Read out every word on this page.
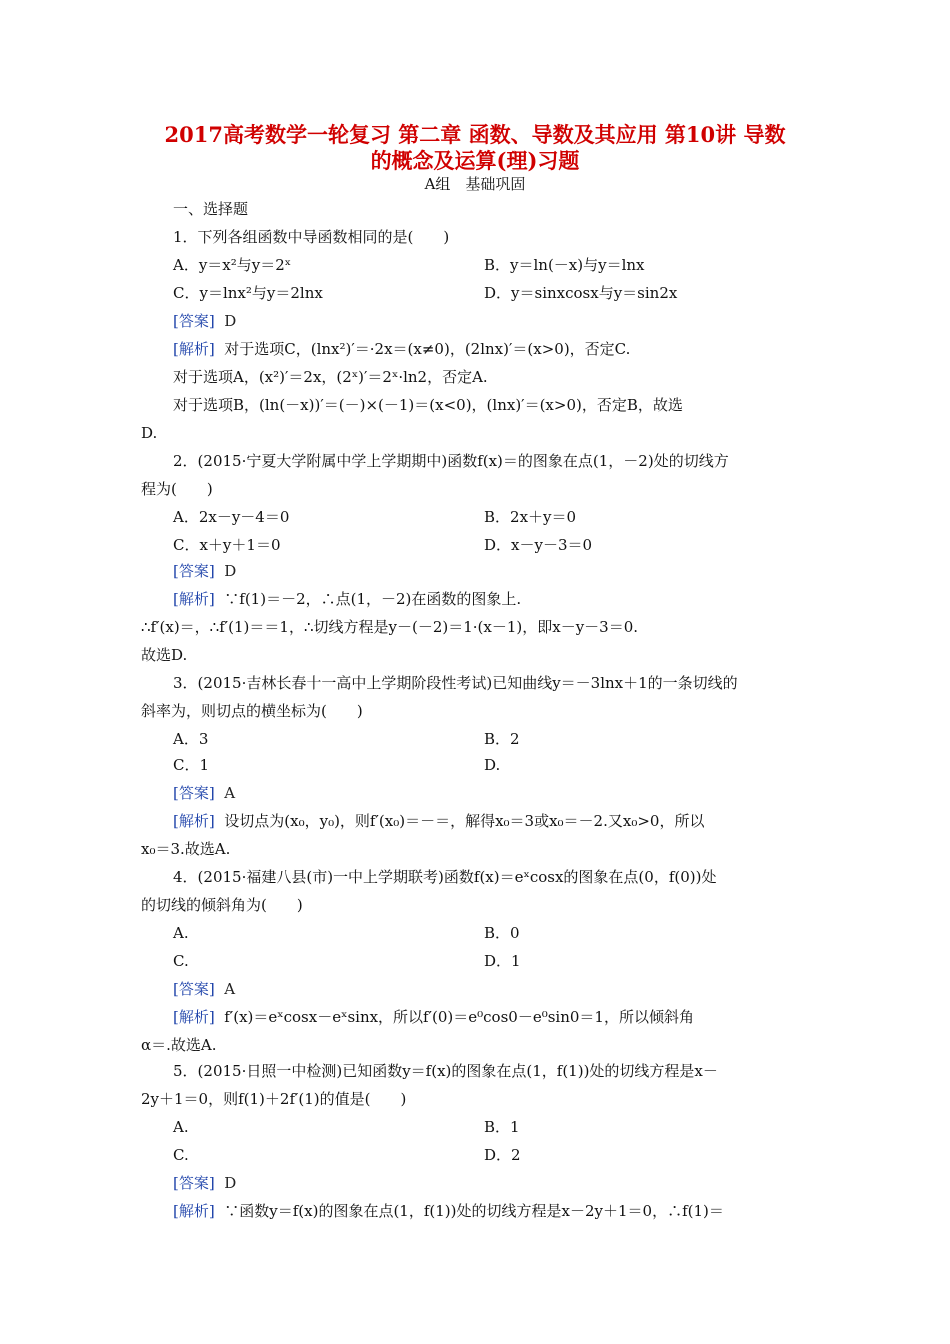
2017高考数学一轮复习 第二章 函数、导数及其应用 第10讲 导数
的概念及运算(理)习题
A组　基础巩固
一、选择题
1．下列各组函数中导函数相同的是(　　)
A．y＝x²与y＝2ˣ	B．y＝ln(－x)与y＝lnx
C．y＝lnx²与y＝2lnx	D．y＝sinxcosx与y＝sin2x
[答案] D
[解析] 对于选项C，(lnx²)′＝·2x＝(x≠0)，(2lnx)′＝(x>0)，否定C.
对于选项A，(x²)′＝2x，(2ˣ)′＝2ˣ·ln2，否定A.
对于选项B，(ln(－x))′＝(－)×(－1)＝(x<0)，(lnx)′＝(x>0)，否定B，故选
D.
2．(2015·宁夏大学附属中学上学期期中)函数f(x)＝的图象在点(1，－2)处的切线方
程为(　　)
A．2x－y－4＝0	B．2x＋y＝0
C．x＋y＋1＝0	D．x－y－3＝0
[答案] D
[解析] ∵f(1)＝－2，∴点(1，－2)在函数的图象上.
∴f′(x)＝，∴f′(1)＝＝1，∴切线方程是y－(－2)＝1·(x－1)，即x－y－3＝0.
故选D.
3．(2015·吉林长春十一高中上学期阶段性考试)已知曲线y＝－3lnx＋1的一条切线的
斜率为，则切点的横坐标为(　　)
A．3	B．2
C．1	D.
[答案] A
[解析] 设切点为(x₀，y₀)，则f′(x₀)＝－＝，解得x₀＝3或x₀＝－2.又x₀>0，所以
x₀＝3.故选A.
4．(2015·福建八县(市)一中上学期联考)函数f(x)＝eˣcosx的图象在点(0，f(0))处
的切线的倾斜角为(　　)
A.	B．0
C.	D．1
[答案] A
[解析] f′(x)＝eˣcosx－eˣsinx，所以f′(0)＝e⁰cos0－e⁰sin0＝1，所以倾斜角
α＝.故选A.
5．(2015·日照一中检测)已知函数y＝f(x)的图象在点(1，f(1))处的切线方程是x－
2y＋1＝0，则f(1)＋2f′(1)的值是(　　)
A.	B．1
C.	D．2
[答案] D
[解析] ∵函数y＝f(x)的图象在点(1，f(1))处的切线方程是x－2y＋1＝0，∴f(1)＝
